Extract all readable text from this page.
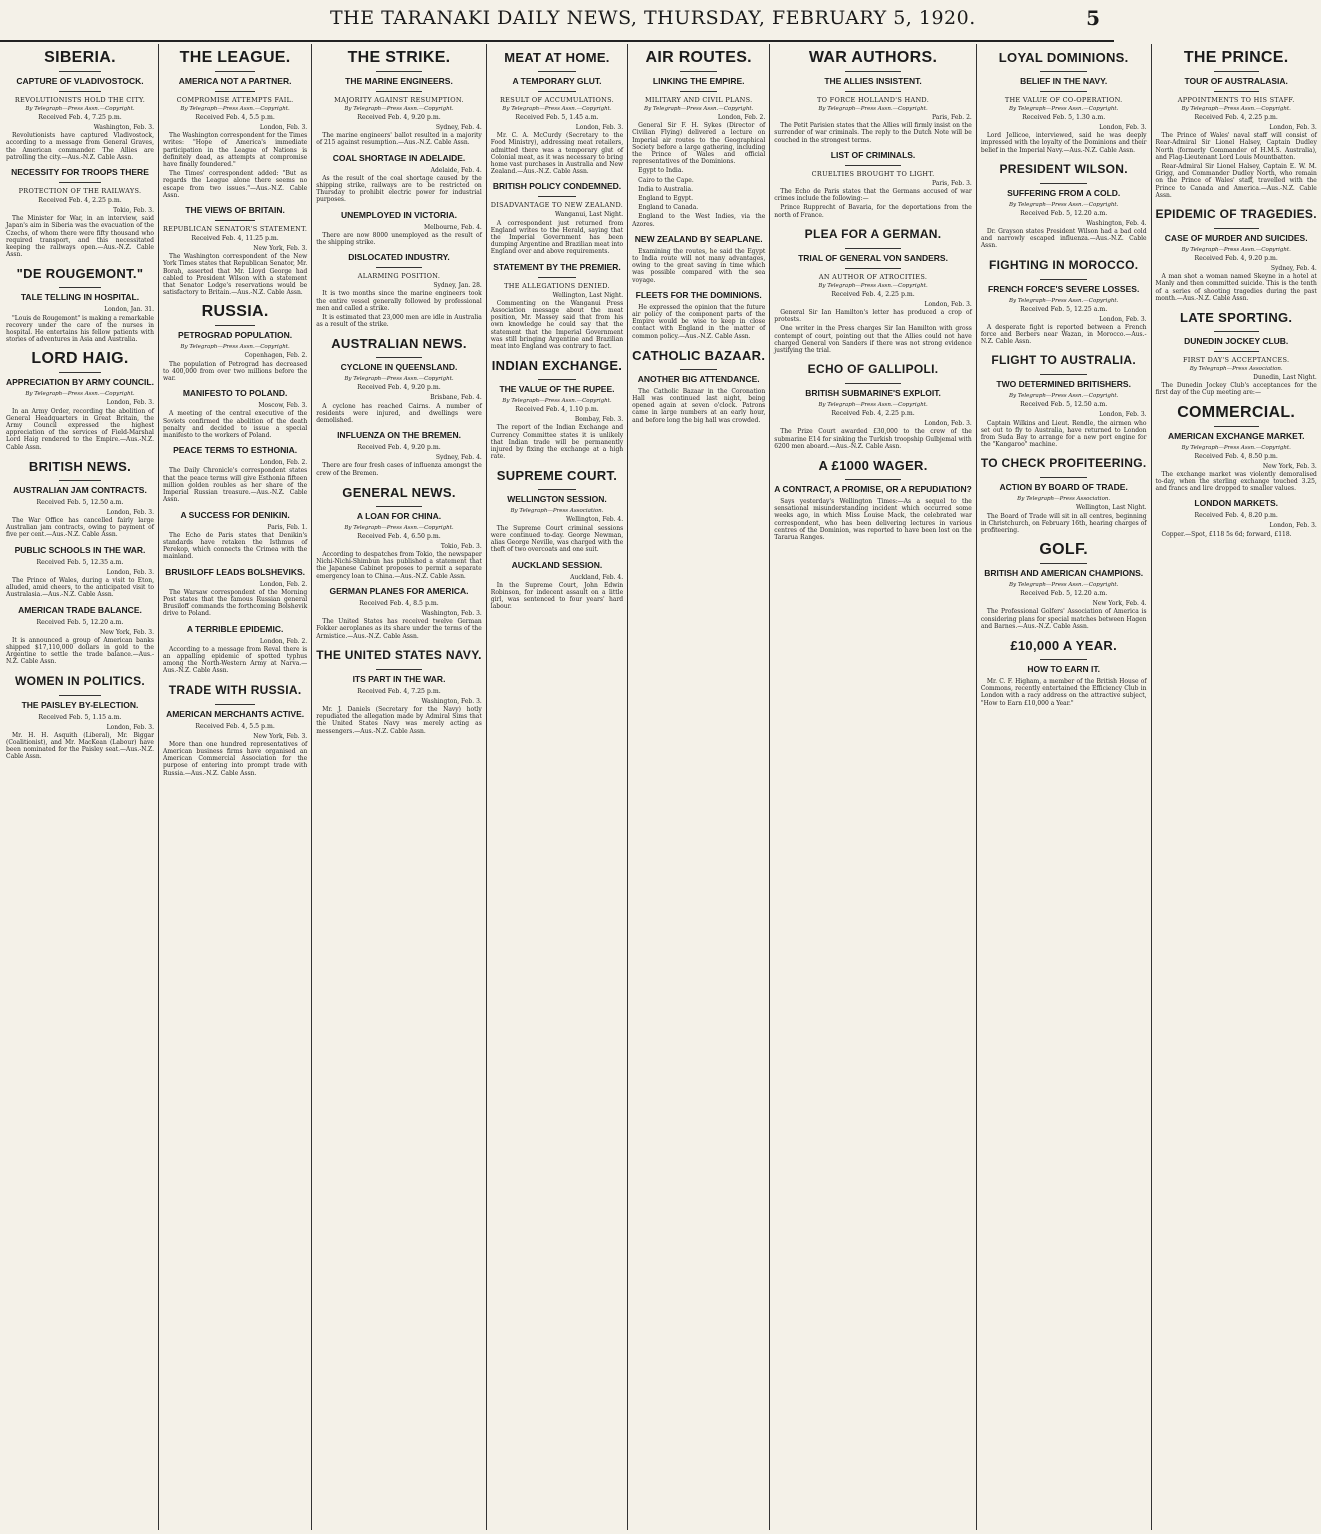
THE TARANAKI DAILY NEWS, THURSDAY, FEBRUARY 5, 1920.	5
SIBERIA.
CAPTURE OF VLADIVOSTOCK.
REVOLUTIONISTS HOLD THE CITY.
By Telegraph—Press Assn.—Copyright.
Received Feb. 4, 7.25 p.m.
Washington, Feb. 3.

Revolutionists have captured Vladivostock, according to a message from General Graves, the American commander. The Allies are patrolling the city.—Aus.-N.Z. Cable Assn.

NECESSITY FOR TROOPS THERE
PROTECTION OF THE RAILWAYS.
Received Feb. 4, 2.25 p.m.
Tokio, Feb. 3.

The Minister for War, in an interview, said Japan's aim in Siberia was the evacuation of the Czechs, of whom there were fifty thousand who required transport, and this necessitated keeping the railways open.—Aus.-N.Z. Cable Assn.

"DE ROUGEMONT."
TALE TELLING IN HOSPITAL.
London, Jan. 31.

"Louis de Rougemont" is making a remarkable recovery under the care of the nurses in hospital. He entertains his fellow patients with stories of adventures in Asia and Australia.

LORD HAIG.
APPRECIATION BY ARMY COUNCIL.
By Telegraph—Press Assn.—Copyright.
London, Feb. 3.

In an Army Order, recording the abolition of General Headquarters in Great Britain, the Army Council expressed the highest appreciation of the services of Field-Marshal Lord Haig rendered to the Empire.—Aus.-N.Z. Cable Assn.

BRITISH NEWS.
AUSTRALIAN JAM CONTRACTS.
Received Feb. 5, 12.50 a.m.
London, Feb. 3.

The War Office has cancelled fairly large Australian jam contracts, owing to payment of five per cent.—Aus.-N.Z. Cable Assn.

PUBLIC SCHOOLS IN THE WAR.
Received Feb. 5, 12.35 a.m.
London, Feb. 3.

The Prince of Wales, during a visit to Eton, alluded, amid cheers, to the anticipated visit to Australasia.—Aus.-N.Z. Cable Assn.

AMERICAN TRADE BALANCE.
Received Feb. 5, 12.20 a.m.
New York, Feb. 3.

It is announced a group of American banks shipped $17,110,000 dollars in gold to the Argentine to settle the trade balance.—Aus.-N.Z. Cable Assn.

WOMEN IN POLITICS.
THE PAISLEY BY-ELECTION.
Received Feb. 5, 1.15 a.m.
London, Feb. 3.

Mr. H. H. Asquith (Liberal), Mr. Biggar (Coalitionist), and Mr. MacKean (Labour) have been nominated for the Paisley seat.—Aus.-N.Z. Cable Assn.

THE LEAGUE.
AMERICA NOT A PARTNER.
COMPROMISE ATTEMPTS FAIL.
By Telegraph—Press Assn.—Copyright.
Received Feb. 4, 5.5 p.m.
London, Feb. 3.

The Washington correspondent for the Times writes: "Hope of America's immediate participation in the League of Nations is definitely dead, as attempts at compromise have finally foundered."

The Times' correspondent added: "But as regards the League alone there seems no escape from two issues."—Aus.-N.Z. Cable Assn.

THE VIEWS OF BRITAIN.
REPUBLICAN SENATOR'S STATEMENT.
Received Feb. 4, 11.25 p.m.
New York, Feb. 3.

The Washington correspondent of the New York Times states that Republican Senator, Mr. Borah, asserted that Mr. Lloyd George had cabled to President Wilson with a statement that Senator Lodge's reservations would be satisfactory to Britain.—Aus.-N.Z. Cable Assn.

RUSSIA.
PETROGRAD POPULATION.
By Telegraph—Press Assn.—Copyright.
Copenhagen, Feb. 2.

The population of Petrograd has decreased to 400,000 from over two millions before the war.

MANIFESTO TO POLAND.
Moscow, Feb. 3.

A meeting of the central executive of the Soviets confirmed the abolition of the death penalty and decided to issue a special manifesto to the workers of Poland.

PEACE TERMS TO ESTHONIA.
London, Feb. 2.

The Daily Chronicle's correspondent states that the peace terms will give Esthonia fifteen million golden roubles as her share of the Imperial Russian treasure.—Aus.-N.Z. Cable Assn.

A SUCCESS FOR DENIKIN.
Paris, Feb. 1.

The Echo de Paris states that Denikin's standards have retaken the Isthmus of Perekop, which connects the Crimea with the mainland.

BRUSILOFF LEADS BOLSHEVIKS.
London, Feb. 2.

The Warsaw correspondent of the Morning Post states that the famous Russian general Brusiloff commands the forthcoming Bolshevik drive to Poland.

A TERRIBLE EPIDEMIC.
London, Feb. 2.

According to a message from Reval there is an appalling epidemic of spotted typhus among the North-Western Army at Narva.—Aus.-N.Z. Cable Assn.

TRADE WITH RUSSIA.
AMERICAN MERCHANTS ACTIVE.
Received Feb. 4, 5.5 p.m.
New York, Feb. 3.

More than one hundred representatives of American business firms have organised an American Commercial Association for the purpose of entering into prompt trade with Russia.—Aus.-N.Z. Cable Assn.

THE STRIKE.
THE MARINE ENGINEERS.
MAJORITY AGAINST RESUMPTION.
By Telegraph—Press Assn.—Copyright.
Received Feb. 4, 9.20 p.m.
Sydney, Feb. 4.

The marine engineers' ballot resulted in a majority of 215 against resumption.—Aus.-N.Z. Cable Assn.

COAL SHORTAGE IN ADELAIDE.
Adelaide, Feb. 4.

As the result of the coal shortage caused by the shipping strike, railways are to be restricted on Thursday to prohibit electric power for industrial purposes.

UNEMPLOYED IN VICTORIA.
Melbourne, Feb. 4.

There are now 8000 unemployed as the result of the shipping strike.

DISLOCATED INDUSTRY.
ALARMING POSITION.
Sydney, Jan. 28.

It is two months since the marine engineers took the entire vessel generally followed by professional men and called a strike.

It is estimated that 23,000 men are idle in Australia as a result of the strike.

AUSTRALIAN NEWS.
CYCLONE IN QUEENSLAND.
By Telegraph—Press Assn.—Copyright.
Received Feb. 4, 9.20 p.m.
Brisbane, Feb. 4.

A cyclone has reached Cairns. A number of residents were injured, and dwellings were demolished.

INFLUENZA ON THE BREMEN.
Received Feb. 4, 9.20 p.m.
Sydney, Feb. 4.

There are four fresh cases of influenza amongst the crew of the Bremen.

GENERAL NEWS.
A LOAN FOR CHINA.
By Telegraph—Press Assn.—Copyright.
Received Feb. 4, 6.50 p.m.
Tokio, Feb. 3.

According to despatches from Tokio, the newspaper Nichi-Nichi-Shimbun has published a statement that the Japanese Cabinet proposes to permit a separate emergency loan to China.—Aus.-N.Z. Cable Assn.

GERMAN PLANES FOR AMERICA.
Received Feb. 4, 8.5 p.m.
Washington, Feb. 3.

The United States has received twelve German Fokker aeroplanes as its share under the terms of the Armistice.—Aus.-N.Z. Cable Assn.

THE UNITED STATES NAVY.
ITS PART IN THE WAR.
Received Feb. 4, 7.25 p.m.
Washington, Feb. 3.

Mr. J. Daniels (Secretary for the Navy) hotly repudiated the allegation made by Admiral Sims that the United States Navy was merely acting as messengers.—Aus.-N.Z. Cable Assn.

MEAT AT HOME.
A TEMPORARY GLUT.
RESULT OF ACCUMULATIONS.
By Telegraph—Press Assn.—Copyright.
Received Feb. 5, 1.45 a.m.
London, Feb. 3.

Mr. C. A. McCurdy (Secretary to the Food Ministry), addressing meat retailers, admitted there was a temporary glut of Colonial meat, as it was necessary to bring home vast purchases in Australia and New Zealand.—Aus.-N.Z. Cable Assn.

BRITISH POLICY CONDEMNED.
DISADVANTAGE TO NEW ZEALAND.
Wanganui, Last Night.

A correspondent just returned from England writes to the Herald, saying that the Imperial Government has been dumping Argentine and Brazilian meat into England over and above requirements.

STATEMENT BY THE PREMIER.
THE ALLEGATIONS DENIED.
Wellington, Last Night.

Commenting on the Wanganui Press Association message about the meat position, Mr. Massey said that from his own knowledge he could say that the statement that the Imperial Government was still bringing Argentine and Brazilian meat into England was contrary to fact.

INDIAN EXCHANGE.
THE VALUE OF THE RUPEE.
By Telegraph—Press Assn.—Copyright.
Received Feb. 4, 1.10 p.m.
Bombay, Feb. 3.

The report of the Indian Exchange and Currency Committee states it is unlikely that Indian trade will be permanently injured by fixing the exchange at a high rate.

SUPREME COURT.
WELLINGTON SESSION.
By Telegraph—Press Association.
Wellington, Feb. 4.

The Supreme Court criminal sessions were continued to-day. George Newman, alias George Neville, was charged with the theft of two overcoats and one suit.

AUCKLAND SESSION.
Auckland, Feb. 4.

In the Supreme Court, John Edwin Robinson, for indecent assault on a little girl, was sentenced to four years' hard labour.

AIR ROUTES.
LINKING THE EMPIRE.
MILITARY AND CIVIL PLANS.
By Telegraph—Press Assn.—Copyright.
London, Feb. 2.

General Sir F. H. Sykes (Director of Civilian Flying) delivered a lecture on Imperial air routes to the Geographical Society before a large gathering, including the Prince of Wales and official representatives of the Dominions.

Egypt to India.

Cairo to the Cape.

India to Australia.

England to Egypt.

England to Canada.

England to the West Indies, via the Azores.

NEW ZEALAND BY SEAPLANE.

Examining the routes, he said the Egypt to India route will not many advantages, owing to the great saving in time which was possible compared with the sea voyage.

FLEETS FOR THE DOMINIONS.

He expressed the opinion that the future air policy of the component parts of the Empire would be wise to keep in close contact with England in the matter of common policy.—Aus.-N.Z. Cable Assn.

CATHOLIC BAZAAR.
ANOTHER BIG ATTENDANCE.

The Catholic Bazaar in the Coronation Hall was continued last night, being opened again at seven o'clock. Patrons came in large numbers at an early hour, and before long the big hall was crowded.

WAR AUTHORS.
THE ALLIES INSISTENT.
TO FORCE HOLLAND'S HAND.
By Telegraph—Press Assn.—Copyright.
Paris, Feb. 2.

The Petit Parisien states that the Allies will firmly insist on the surrender of war criminals. The reply to the Dutch Note will be couched in the strongest terms.

LIST OF CRIMINALS.
CRUELTIES BROUGHT TO LIGHT.
Paris, Feb. 3.

The Echo de Paris states that the Germans accused of war crimes include the following:—

Prince Rupprecht of Bavaria, for the deportations from the north of France.

PLEA FOR A GERMAN.
TRIAL OF GENERAL VON SANDERS.
AN AUTHOR OF ATROCITIES.
By Telegraph—Press Assn.—Copyright.
Received Feb. 4, 2.25 p.m.
London, Feb. 3.

General Sir Ian Hamilton's letter has produced a crop of protests.

One writer in the Press charges Sir Ian Hamilton with gross contempt of court, pointing out that the Allies could not have charged General von Sanders if there was not strong evidence justifying the trial.

ECHO OF GALLIPOLI.
BRITISH SUBMARINE'S EXPLOIT.
By Telegraph—Press Assn.—Copyright.
Received Feb. 4, 2.25 p.m.
London, Feb. 3.

The Prize Court awarded £30,000 to the crew of the submarine E14 for sinking the Turkish troopship Gulbjemal with 6200 men aboard.—Aus.-N.Z. Cable Assn.

A £1000 WAGER.
A CONTRACT, A PROMISE, OR A REPUDIATION?

Says yesterday's Wellington Times:—As a sequel to the sensational misunderstanding incident which occurred some weeks ago, in which Miss Louise Mack, the celebrated war correspondent, who has been delivering lectures in various centres of the Dominion, was reported to have been lost on the Tararua Ranges.

LOYAL DOMINIONS.
BELIEF IN THE NAVY.
THE VALUE OF CO-OPERATION.
By Telegraph—Press Assn.—Copyright.
Received Feb. 5, 1.30 a.m.
London, Feb. 3.

Lord Jellicoe, interviewed, said he was deeply impressed with the loyalty of the Dominions and their belief in the Imperial Navy.—Aus.-N.Z. Cable Assn.

PRESIDENT WILSON.
SUFFERING FROM A COLD.
By Telegraph—Press Assn.—Copyright.
Received Feb. 5, 12.20 a.m.
Washington, Feb. 4.

Dr. Grayson states President Wilson had a bad cold and narrowly escaped influenza.—Aus.-N.Z. Cable Assn.

FIGHTING IN MOROCCO.
FRENCH FORCE'S SEVERE LOSSES.
By Telegraph—Press Assn.—Copyright.
Received Feb. 5, 12.25 a.m.
London, Feb. 3.

A desperate fight is reported between a French force and Berbers near Wazan, in Morocco.—Aus.-N.Z. Cable Assn.

FLIGHT TO AUSTRALIA.
TWO DETERMINED BRITISHERS.
By Telegraph—Press Assn.—Copyright.
Received Feb. 5, 12.50 a.m.
London, Feb. 3.

Captain Wilkins and Lieut. Rendle, the airmen who set out to fly to Australia, have returned to London from Suda Bay to arrange for a new port engine for the "Kangaroo" machine.

TO CHECK PROFITEERING.
ACTION BY BOARD OF TRADE.
By Telegraph—Press Association.
Wellington, Last Night.

The Board of Trade will sit in all centres, beginning in Christchurch, on February 16th, hearing charges of profiteering.

GOLF.
BRITISH AND AMERICAN CHAMPIONS.
By Telegraph—Press Assn.—Copyright.
Received Feb. 5, 12.20 a.m.
New York, Feb. 4.

The Professional Golfers' Association of America is considering plans for special matches between Hagen and Barnes.—Aus.-N.Z. Cable Assn.

£10,000 A YEAR.
HOW TO EARN IT.

Mr. C. F. Higham, a member of the British House of Commons, recently entertained the Efficiency Club in London with a racy address on the attractive subject, "How to Earn £10,000 a Year."

THE PRINCE.
TOUR OF AUSTRALASIA.
APPOINTMENTS TO HIS STAFF.
By Telegraph—Press Assn.—Copyright.
Received Feb. 4, 2.25 p.m.
London, Feb. 3.

The Prince of Wales' naval staff will consist of Rear-Admiral Sir Lionel Halsey, Captain Dudley North (formerly Commander of H.M.S. Australia), and Flag-Lieutenant Lord Louis Mountbatten.

Rear-Admiral Sir Lionel Halsey, Captain E. W. M. Grigg, and Commander Dudley North, who remain on the Prince of Wales' staff, travelled with the Prince to Canada and America.—Aus.-N.Z. Cable Assn.

EPIDEMIC OF TRAGEDIES.
CASE OF MURDER AND SUICIDES.
By Telegraph—Press Assn.—Copyright.
Received Feb. 4, 9.20 p.m.
Sydney, Feb. 4.

A man shot a woman named Skeyne in a hotel at Manly and then committed suicide. This is the tenth of a series of shooting tragedies during the past month.—Aus.-N.Z. Cable Assn.

LATE SPORTING.
DUNEDIN JOCKEY CLUB.
FIRST DAY'S ACCEPTANCES.
By Telegraph—Press Association.
Dunedin, Last Night.

The Dunedin Jockey Club's acceptances for the first day of the Cup meeting are:—

COMMERCIAL.
AMERICAN EXCHANGE MARKET.
By Telegraph—Press Assn.—Copyright.
Received Feb. 4, 8.50 p.m.
New York, Feb. 3.

The exchange market was violently demoralised to-day, when the sterling exchange touched 3.25, and francs and lire dropped to smaller values.

LONDON MARKETS.
Received Feb. 4, 8.20 p.m.
London, Feb. 3.

Copper.—Spot, £118 5s 6d; forward, £118.
